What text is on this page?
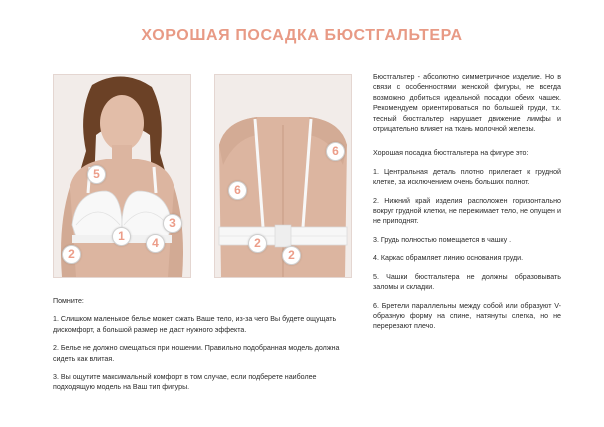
ХОРОШАЯ ПОСАДКА БЮСТГАЛЬТЕРА
5
1
3
4
2
6
6
2
2

Бюстгальтер - абсолютно симметричное изделие. Но в связи с особенностями женской фигуры, не всегда возможно добиться идеальной посадки обеих чашек. Рекомендуем ориентироваться по большей груди, т.к. тесный бюстгальтер нарушает движение лимфы и отрицательно влияет на ткань молочной железы.

Хорошая посадка бюстгальтера на фигуре это:

1. Центральная деталь плотно прилегает к грудной клетке, за исключением очень больших полнот.

2. Нижний край изделия расположен горизонтально вокруг грудной клетки, не пережимает тело, не опущен и не приподнят.

3. Грудь полностью помещается в чашку .

4. Каркас обрамляет линию основания груди.

5. Чашки бюстгальтера не должны образовывать заломы и складки.

6. Бретели параллельны между собой или образуют V-образную форму на спине, натянуты слегка, но не перерезают плечо.

Помните:

1. Слишком маленькое белье может сжать Ваше тело, из-за чего Вы будете ощущать дискомфорт, а большой размер не даст нужного эффекта.

2. Белье не должно смещаться при ношении. Правильно подобранная модель должна сидеть как влитая.

3. Вы ощутите максимальный комфорт в том случае, если подберете наиболее подходящую модель на Ваш тип фигуры.
